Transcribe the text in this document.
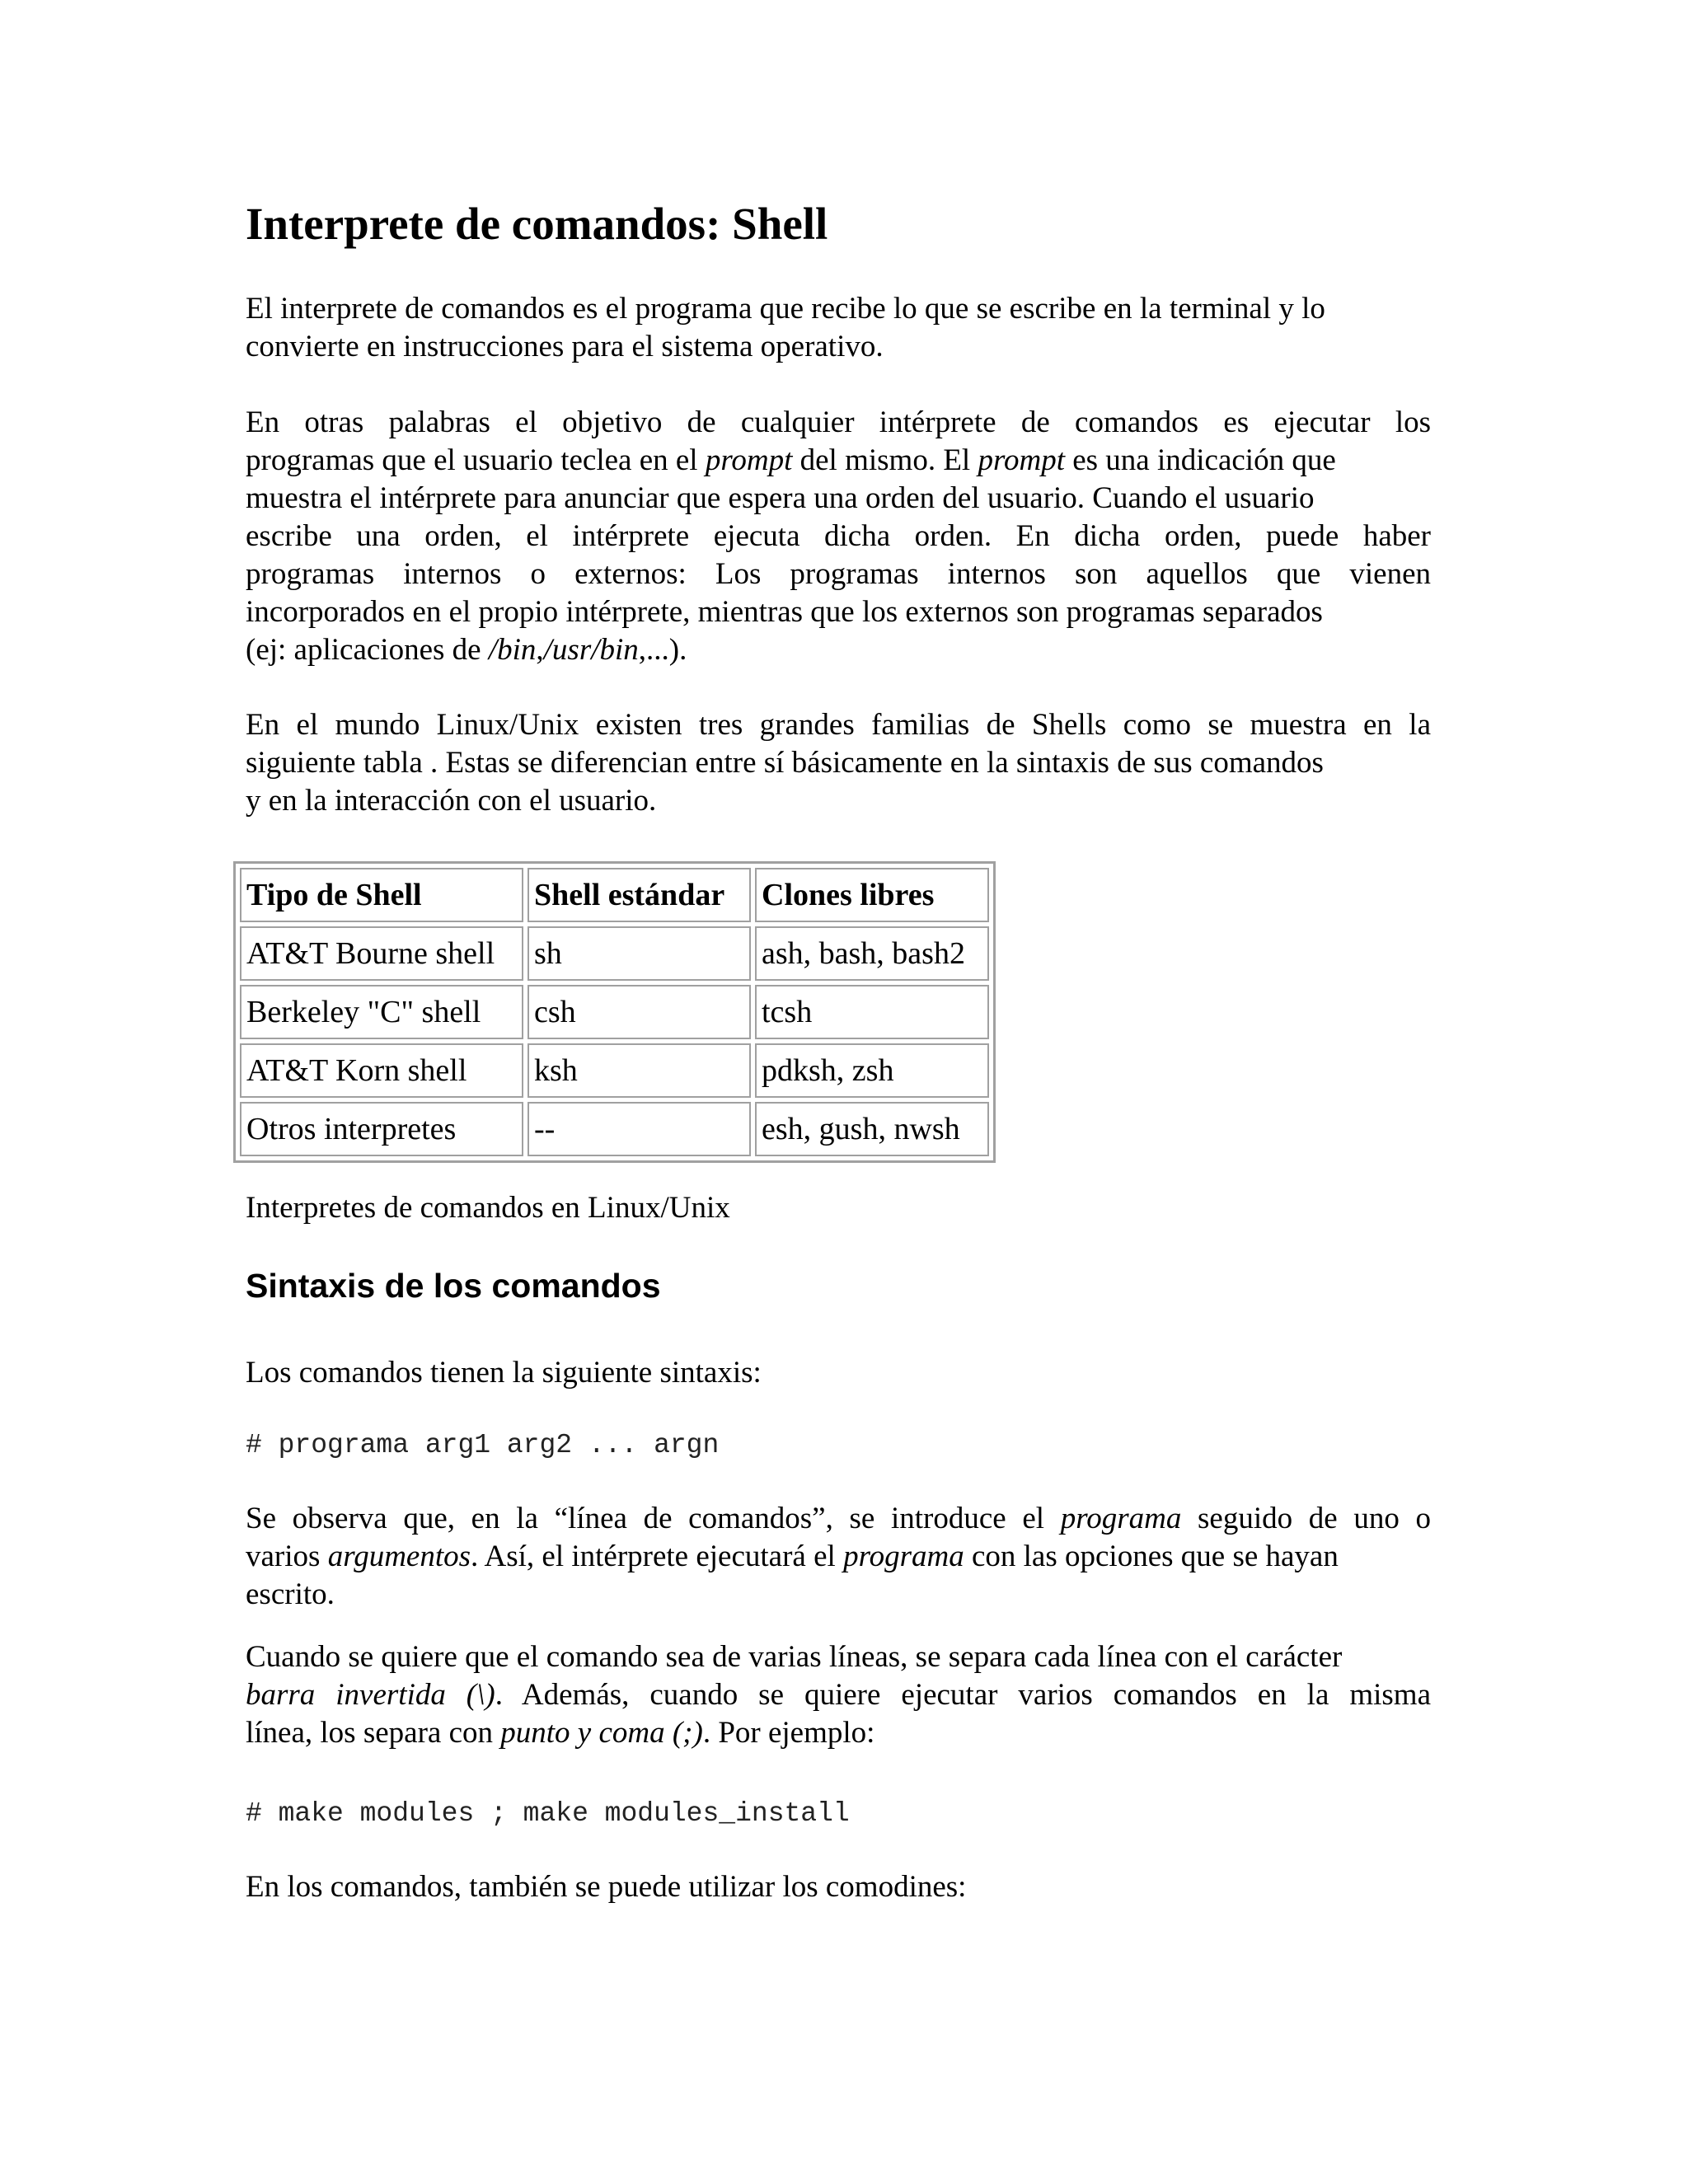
Interprete de comandos: Shell
El interprete de comandos es el programa que recibe lo que se escribe en la terminal y lo
convierte en instrucciones para el sistema operativo.
En otras palabras el objetivo de cualquier intérprete de comandos es ejecutar los
programas que el usuario teclea en el prompt del mismo. El prompt es una indicación que
muestra el intérprete para anunciar que espera una orden del usuario. Cuando el usuario
escribe una orden, el intérprete ejecuta dicha orden. En dicha orden, puede haber
programas internos o externos: Los programas internos son aquellos que vienen
incorporados en el propio intérprete, mientras que los externos son programas separados
(ej: aplicaciones de /bin,/usr/bin,...).
En el mundo Linux/Unix existen tres grandes familias de Shells como se muestra en la
siguiente tabla . Estas se diferencian entre sí básicamente en la sintaxis de sus comandos
y en la interacción con el usuario.
Tipo de Shell	Shell estándar	Clones libres
AT&T Bourne shell	sh	ash, bash, bash2
Berkeley "C" shell	csh	tcsh
AT&T Korn shell	ksh	pdksh, zsh
Otros interpretes	--	esh, gush, nwsh
Interpretes de comandos en Linux/Unix
Sintaxis de los comandos
Los comandos tienen la siguiente sintaxis:
# programa arg1 arg2 ... argn
Se observa que, en la “línea de comandos”, se introduce el programa seguido de uno o
varios argumentos. Así, el intérprete ejecutará el programa con las opciones que se hayan
escrito.
Cuando se quiere que el comando sea de varias líneas, se separa cada línea con el carácter
barra invertida (\). Además, cuando se quiere ejecutar varios comandos en la misma
línea, los separa con punto y coma (;). Por ejemplo:
# make modules ; make modules_install
En los comandos, también se puede utilizar los comodines:
